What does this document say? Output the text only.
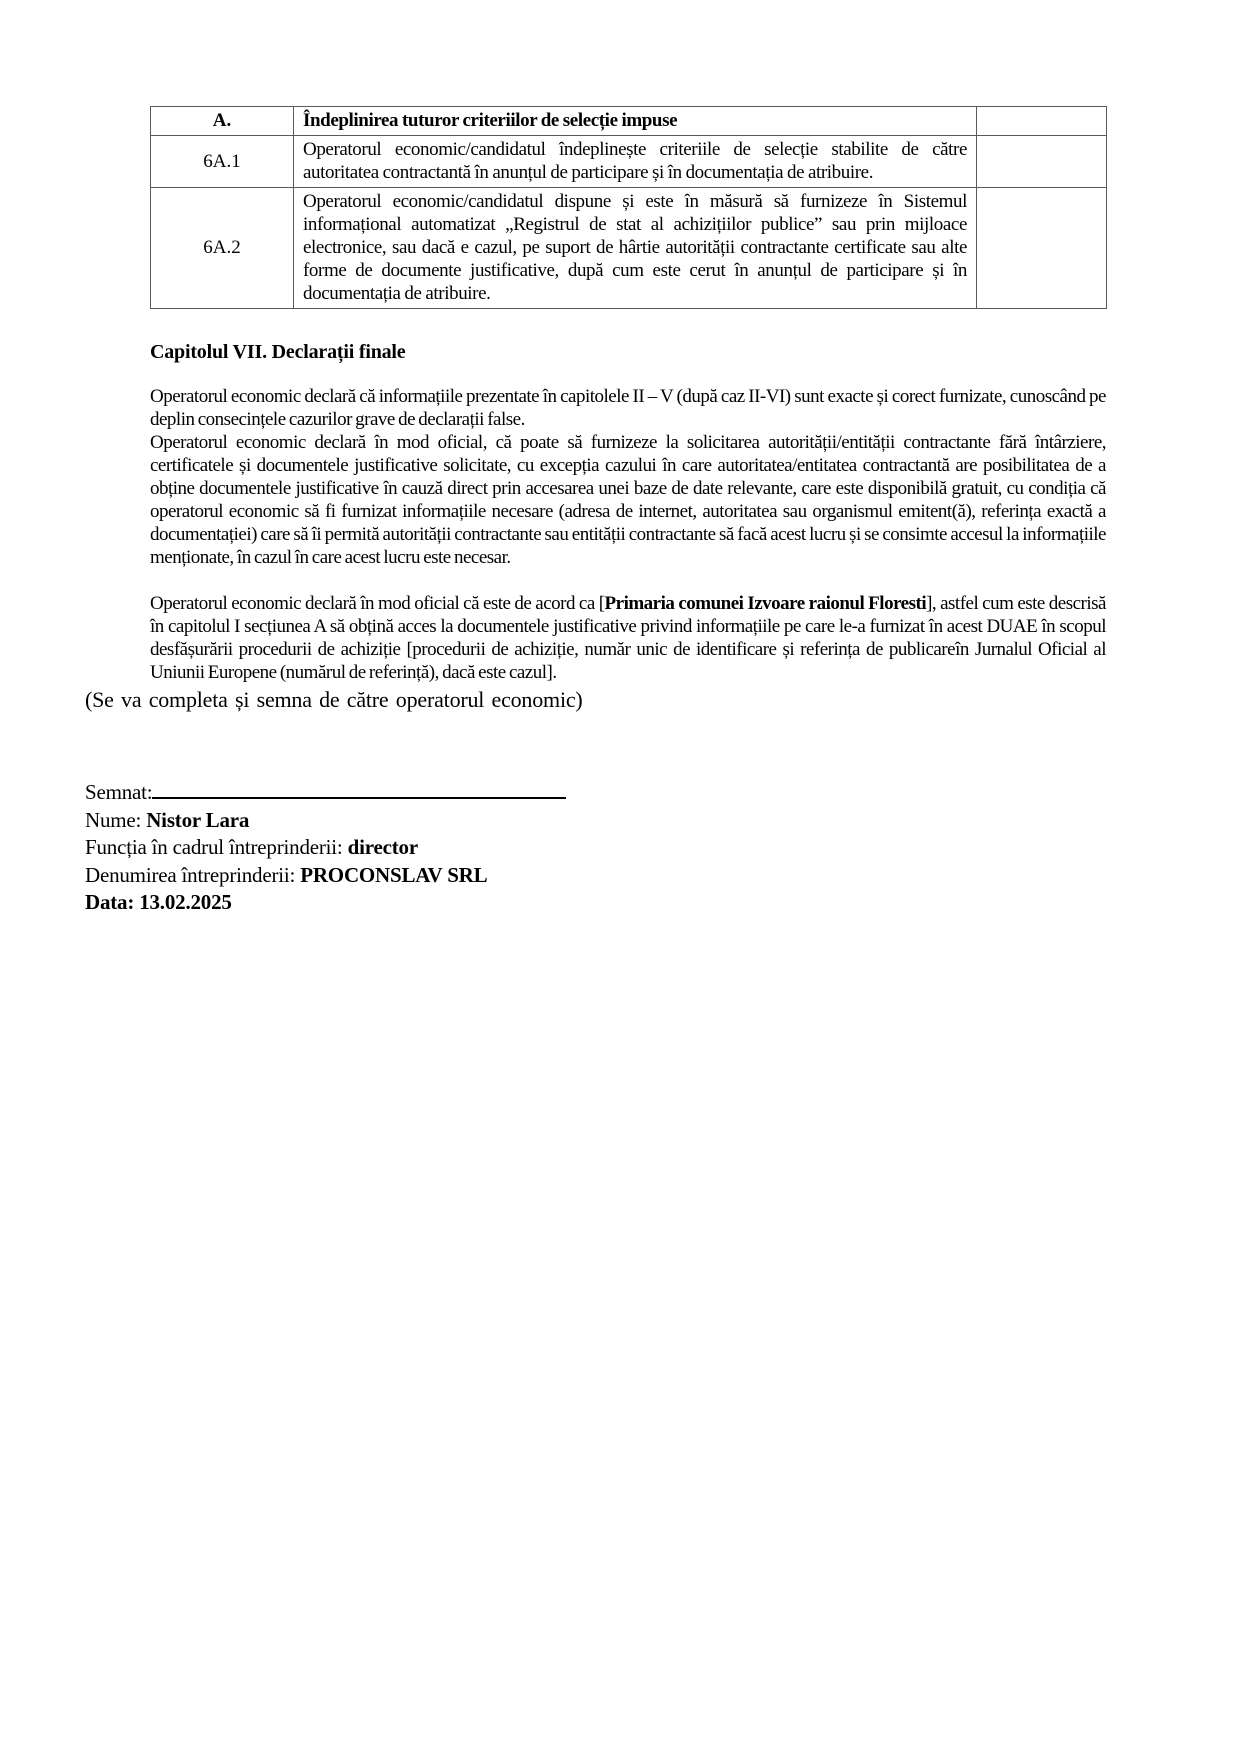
A.	Îndeplinirea tuturor criteriilor de selecție impuse	
6A.1	Operatorul economic/candidatul îndeplinește criteriile de selecție stabilite de către autoritatea contractantă în anunțul de participare și în documentația de atribuire.	
6A.2	Operatorul economic/candidatul dispune și este în măsură să furnizeze în Sistemul informațional automatizat „Registrul de stat al achizițiilor publice” sau prin mijloace electronice, sau dacă e cazul, pe suport de hârtie autorității contractante certificate sau alte forme de documente justificative, după cum este cerut în anunțul de participare și în documentația de atribuire.	
Capitolul VII. Declarații finale

Operatorul economic declară că informațiile prezentate în capitolele II – V (după caz II-VI) sunt exacte și corect furnizate, cunoscând pe deplin consecințele cazurilor grave de declarații false.

Operatorul economic declară în mod oficial, că poate să furnizeze la solicitarea autorității/entității contractante fără întârziere, certificatele și documentele justificative solicitate, cu excepția cazului în care autoritatea/entitatea contractantă are posibilitatea de a obține documentele justificative în cauză direct prin accesarea unei baze de date relevante, care este disponibilă gratuit, cu condiția că operatorul economic să fi furnizat informațiile necesare (adresa de internet, autoritatea sau organismul emitent(ă), referința exactă a documentației) care să îi permită autorității contractante sau entității contractante să facă acest lucru și se consimte accesul la informațiile menționate, în cazul în care acest lucru este necesar.

Operatorul economic declară în mod oficial că este de acord ca [Primaria comunei Izvoare raionul Floresti], astfel cum este descrisă în capitolul I secțiunea A să obțină acces la documentele justificative privind informațiile pe care le-a furnizat în acest DUAE în scopul desfășurării procedurii de achiziție [procedurii de achiziție, număr unic de identificare și referința de publicareîn Jurnalul Oficial al Uniunii Europene (numărul de referință), dacă este cazul].

(Se va completa și semna de către operatorul economic)

Semnat:
Nume: Nistor Lara
Funcția în cadrul întreprinderii: director
Denumirea întreprinderii: PROCONSLAV SRL
Data: 13.02.2025
